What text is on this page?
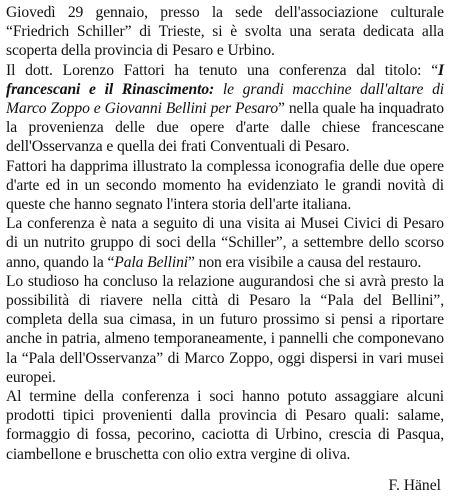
Giovedì 29 gennaio, presso la sede dell'associazione culturale “Friedrich Schiller” di Trieste, si è svolta una serata dedicata alla scoperta della provincia di Pesaro e Urbino.

Il dott. Lorenzo Fattori ha tenuto una conferenza dal titolo: “I francescani e il Rinascimento: le grandi macchine dall'altare di Marco Zoppo e Giovanni Bellini per Pesaro” nella quale ha inquadrato la provenienza delle due opere d'arte dalle chiese francescane dell'Osservanza e quella dei frati Conventuali di Pesaro.

Fattori ha dapprima illustrato la complessa iconografia delle due opere d'arte ed in un secondo momento ha evidenziato le grandi novità di queste che hanno segnato l'intera storia dell'arte italiana.

La conferenza è nata a seguito di una visita ai Musei Civici di Pesaro di un nutrito gruppo di soci della “Schiller”, a settembre dello scorso anno, quando la “Pala Bellini” non era visibile a causa del restauro.

Lo studioso ha concluso la relazione augurandosi che si avrà presto la possibilità di riavere nella città di Pesaro la “Pala del Bellini”, completa della sua cimasa, in un futuro prossimo si pensi a riportare anche in patria, almeno temporaneamente, i pannelli che componevano la “Pala dell'Osservanza” di Marco Zoppo, oggi dispersi in vari musei europei.

Al termine della conferenza i soci hanno potuto assaggiare alcuni prodotti tipici provenienti dalla provincia di Pesaro quali: salame, formaggio di fossa, pecorino, caciotta di Urbino, crescia di Pasqua, ciambellone e bruschetta con olio extra vergine di oliva.

F. Hänel
